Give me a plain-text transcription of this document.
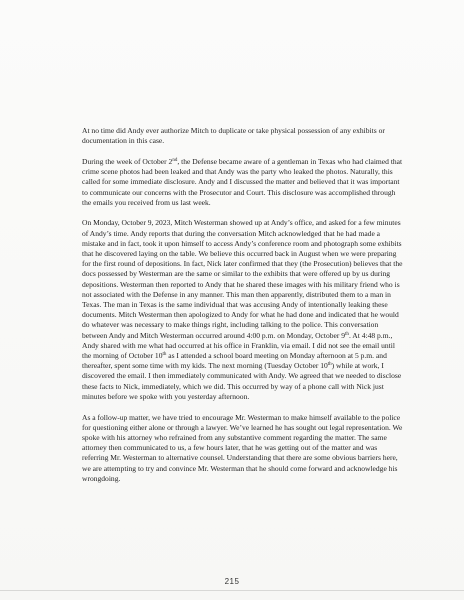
At no time did Andy ever authorize Mitch to duplicate or take physical possession of any exhibits or documentation in this case.

During the week of October 2nd, the Defense became aware of a gentleman in Texas who had claimed that crime scene photos had been leaked and that Andy was the party who leaked the photos. Naturally, this called for some immediate disclosure. Andy and I discussed the matter and believed that it was important to communicate our concerns with the Prosecutor and Court. This disclosure was accomplished through the emails you received from us last week.

On Monday, October 9, 2023, Mitch Westerman showed up at Andy’s office, and asked for a few minutes of Andy’s time. Andy reports that during the conversation Mitch acknowledged that he had made a mistake and in fact, took it upon himself to access Andy’s conference room and photograph some exhibits that he discovered laying on the table. We believe this occurred back in August when we were preparing for the first round of depositions. In fact, Nick later confirmed that they (the Prosecution) believes that the docs possessed by Westerman are the same or similar to the exhibits that were offered up by us during depositions. Westerman then reported to Andy that he shared these images with his military friend who is not associated with the Defense in any manner. This man then apparently, distributed them to a man in Texas. The man in Texas is the same individual that was accusing Andy of intentionally leaking these documents. Mitch Westerman then apologized to Andy for what he had done and indicated that he would do whatever was necessary to make things right, including talking to the police. This conversation between Andy and Mitch Westerman occurred around 4:00 p.m. on Monday, October 9th. At 4:48 p.m., Andy shared with me what had occurred at his office in Franklin, via email. I did not see the email until the morning of October 10th as I attended a school board meeting on Monday afternoon at 5 p.m. and thereafter, spent some time with my kids. The next morning (Tuesday October 10th) while at work, I discovered the email. I then immediately communicated with Andy. We agreed that we needed to disclose these facts to Nick, immediately, which we did. This occurred by way of a phone call with Nick just minutes before we spoke with you yesterday afternoon.

As a follow-up matter, we have tried to encourage Mr. Westerman to make himself available to the police for questioning either alone or through a lawyer. We’ve learned he has sought out legal representation. We spoke with his attorney who refrained from any substantive comment regarding the matter. The same attorney then communicated to us, a few hours later, that he was getting out of the matter and was referring Mr. Westerman to alternative counsel. Understanding that there are some obvious barriers here, we are attempting to try and convince Mr. Westerman that he should come forward and acknowledge his wrongdoing.

215
